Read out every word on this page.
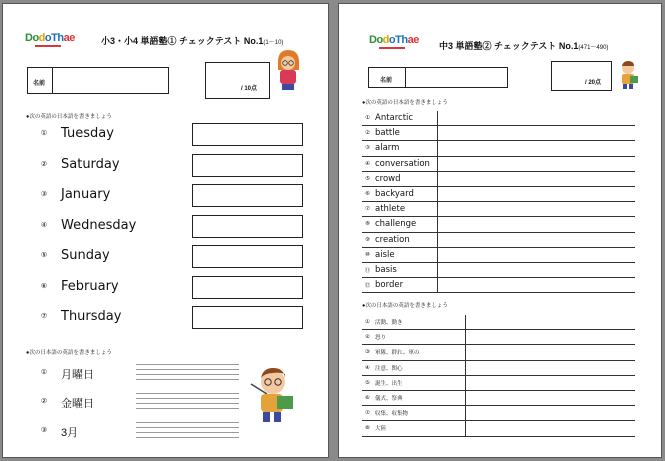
DodoThae	小3・小4 単語塾① チェックテスト No.1(1～10)
名前
/ 10点
●次の英語の日本語を書きましょう
① Tuesday
② Saturday
③ January
④ Wednesday
⑤ Sunday
⑥ February
⑦ Thursday
●次の日本語の英語を書きましょう
① 月曜日
② 金曜日
③ 3月
DodoThae 中3 単語塾② チェックテスト No.1(471～490)
名前	/ 20点
●次の英語の日本語を書きましょう
①	Antarctic	
②	battle	
③	alarm	
④	conversation	
⑤	crowd	
⑥	backyard	
⑦	athlete	
⑧	challenge	
⑨	creation	
⑩	aisle	
⑪	basis	
⑫	border	
●次の日本語の英語を書きましょう
①	活動、動き	
②	怒り	
③	軍隊、群れ、軍の	
④	注意、関心	
⑤	誕生、出生	
⑥	儀式、祭典	
⑦	収集、収集物	
⑧	大陸	
